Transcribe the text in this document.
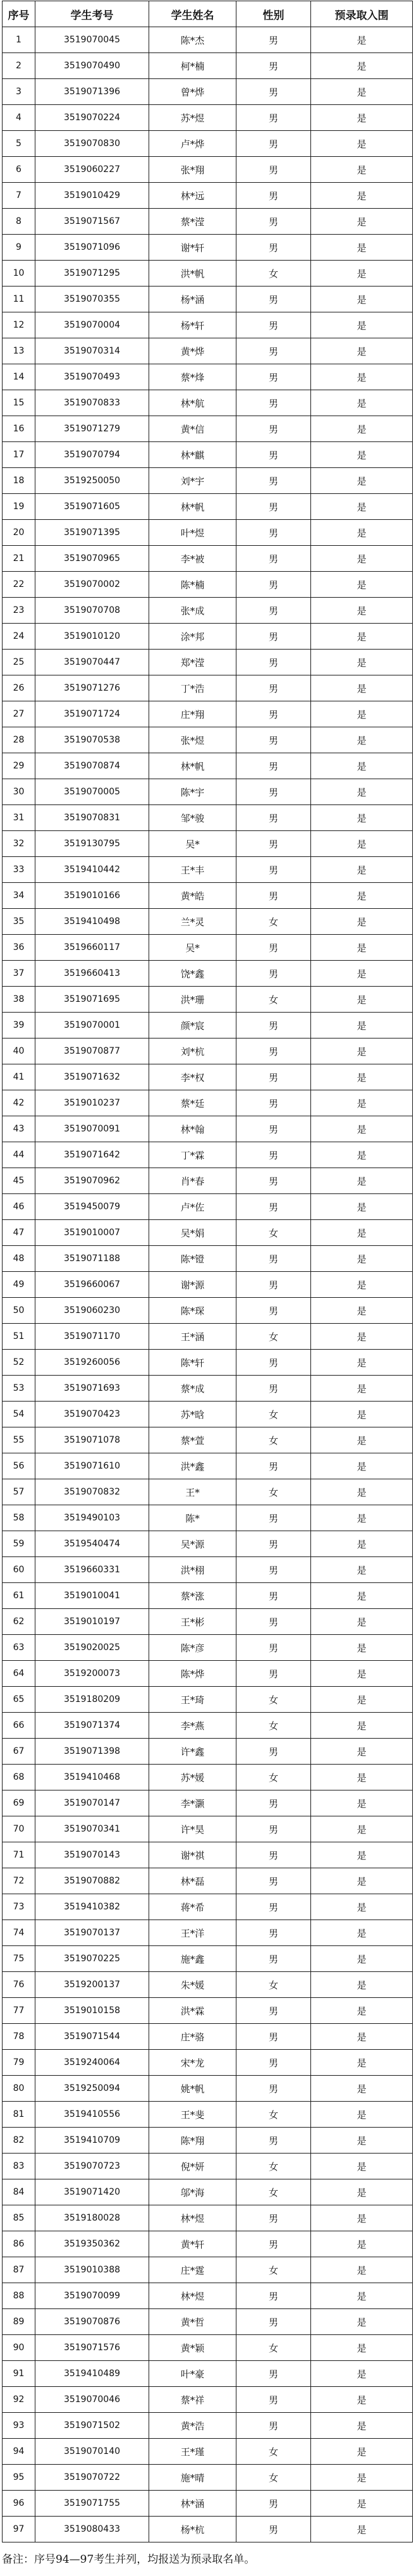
序号	学生考号	学生姓名	性别	预录取入围
1	3519070045	陈*杰	男	是
2	3519070490	柯*楠	男	是
3	3519071396	曾*烨	男	是
4	3519070224	苏*煜	男	是
5	3519070830	卢*烨	男	是
6	3519060227	张*翔	男	是
7	3519010429	林*远	男	是
8	3519071567	蔡*滢	男	是
9	3519071096	谢*轩	男	是
10	3519071295	洪*帆	女	是
11	3519070355	杨*涵	男	是
12	3519070004	杨*轩	男	是
13	3519070314	黄*烨	男	是
14	3519070493	蔡*烽	男	是
15	3519070833	林*航	男	是
16	3519071279	黄*信	男	是
17	3519070794	林*麒	男	是
18	3519250050	刘*宇	男	是
19	3519071605	林*帆	男	是
20	3519071395	叶*煜	男	是
21	3519070965	李*被	男	是
22	3519070002	陈*楠	男	是
23	3519070708	张*成	男	是
24	3519010120	涂*邦	男	是
25	3519070447	郑*滢	男	是
26	3519071276	丁*浩	男	是
27	3519071724	庄*翔	男	是
28	3519070538	张*煜	男	是
29	3519070874	林*帆	男	是
30	3519070005	陈*宇	男	是
31	3519070831	邹*骏	男	是
32	3519130795	吴*	男	是
33	3519410442	王*丰	男	是
34	3519010166	黄*皓	男	是
35	3519410498	兰*灵	女	是
36	3519660117	吴*	男	是
37	3519660413	饶*鑫	男	是
38	3519071695	洪*珊	女	是
39	3519070001	颜*宸	男	是
40	3519070877	刘*杭	男	是
41	3519071632	李*权	男	是
42	3519010237	蔡*廷	男	是
43	3519070091	林*翰	男	是
44	3519071642	丁*霖	男	是
45	3519070962	肖*春	男	是
46	3519450079	卢*佐	男	是
47	3519010007	吴*娟	女	是
48	3519071188	陈*镫	男	是
49	3519660067	谢*源	男	是
50	3519060230	陈*琛	男	是
51	3519071170	王*涵	女	是
52	3519260056	陈*轩	男	是
53	3519071693	蔡*成	男	是
54	3519070423	苏*晗	女	是
55	3519071078	蔡*萱	女	是
56	3519071610	洪*鑫	男	是
57	3519070832	王*	女	是
58	3519490103	陈*	男	是
59	3519540474	吴*源	男	是
60	3519660331	洪*栩	男	是
61	3519010041	蔡*涨	男	是
62	3519010197	王*彬	男	是
63	3519020025	陈*彦	男	是
64	3519200073	陈*烨	男	是
65	3519180209	王*琦	女	是
66	3519071374	李*燕	女	是
67	3519071398	许*鑫	男	是
68	3519410468	苏*媛	女	是
69	3519070147	李*灏	男	是
70	3519070341	许*昊	男	是
71	3519070143	谢*祺	男	是
72	3519070882	林*磊	男	是
73	3519410382	蒋*希	男	是
74	3519070137	王*洋	男	是
75	3519070225	施*鑫	男	是
76	3519200137	朱*媛	女	是
77	3519010158	洪*霖	男	是
78	3519071544	庄*骆	男	是
79	3519240064	宋*龙	男	是
80	3519250094	姚*帆	男	是
81	3519410556	王*斐	女	是
82	3519410709	陈*翔	男	是
83	3519070723	倪*妍	女	是
84	3519071420	邬*海	女	是
85	3519180028	林*煜	男	是
86	3519350362	黄*轩	男	是
87	3519010388	庄*霆	女	是
88	3519070099	林*煜	男	是
89	3519070876	黄*哲	男	是
90	3519071576	黄*颖	女	是
91	3519410489	叶*豪	男	是
92	3519070046	蔡*祥	男	是
93	3519071502	黄*浩	男	是
94	3519070140	王*瑾	女	是
95	3519070722	施*晴	女	是
96	3519071755	林*涵	男	是
97	3519080433	杨*杭	男	是
备注：序号94—97考生并列，均报送为预录取名单。
